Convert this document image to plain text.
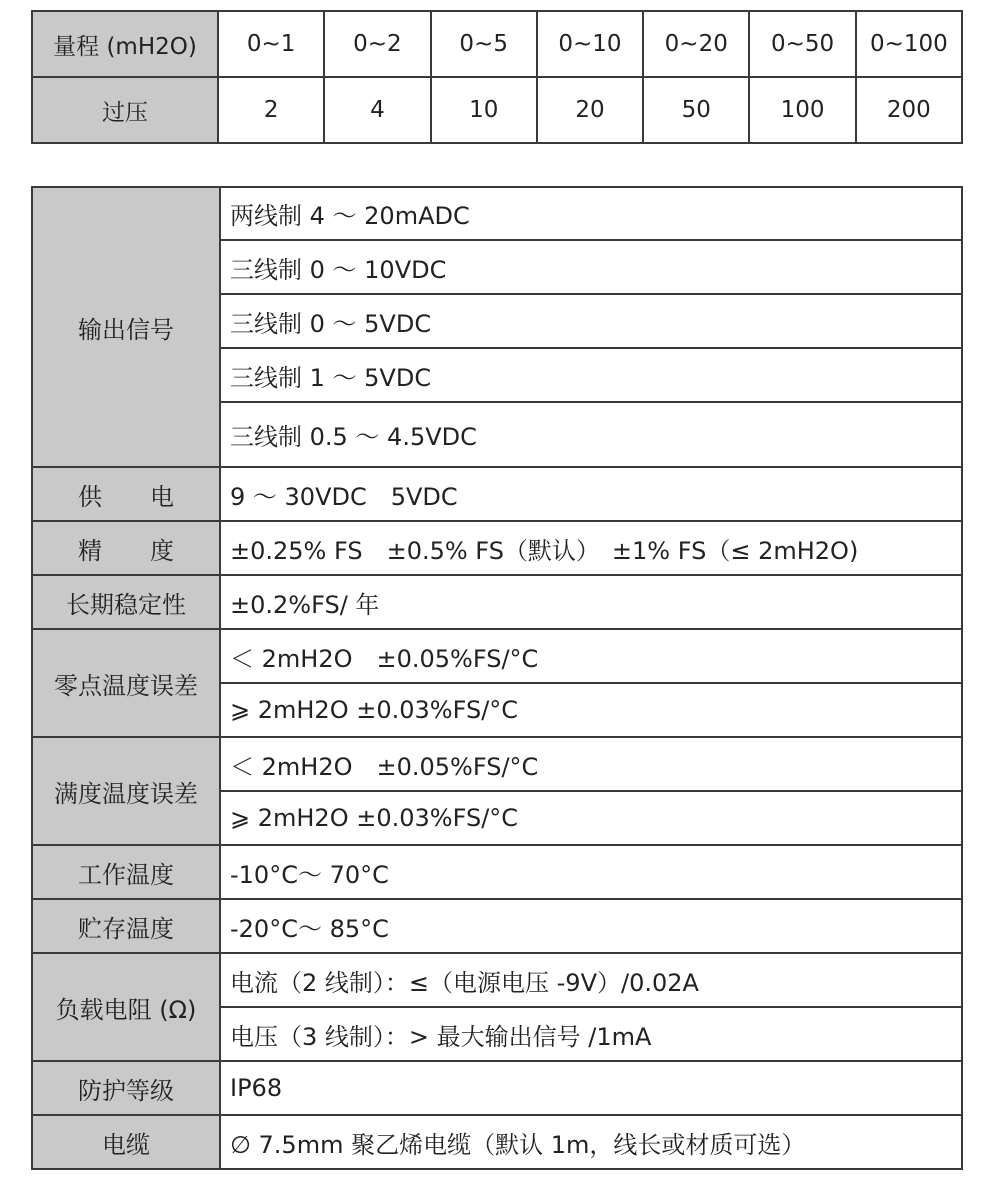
量程 (mH2O)	0~1	0~2	0~5	0~10	0~20	0~50	0~100
过压	2	4	10	20	50	100	200
输出信号	两线制 4 ～ 20mADC
	三线制 0 ～ 10VDC
	三线制 0 ～ 5VDC
	三线制 1 ～ 5VDC
	三线制 0.5 ～ 4.5VDC
供　　电	9 ～ 30VDC　5VDC
精　　度	±0.25% FS　±0.5% FS（默认）　±1% FS（≤ 2mH2O)
长期稳定性	±0.2%FS/ 年
零点温度误差	＜ 2mH2O　±0.05%FS/°C
	⩾ 2mH2O ±0.03%FS/°C
满度温度误差	＜ 2mH2O　±0.05%FS/°C
	⩾ 2mH2O ±0.03%FS/°C
工作温度	-10°C～ 70°C
贮存温度	-20°C～ 85°C
负载电阻 (Ω)	电流（2 线制）：≤（电源电压 -9V）/0.02A
	电压（3 线制）：> 最大输出信号 /1mA
防护等级	IP68
电缆	∅ 7.5mm 聚乙烯电缆（默认 1m，线长或材质可选）
